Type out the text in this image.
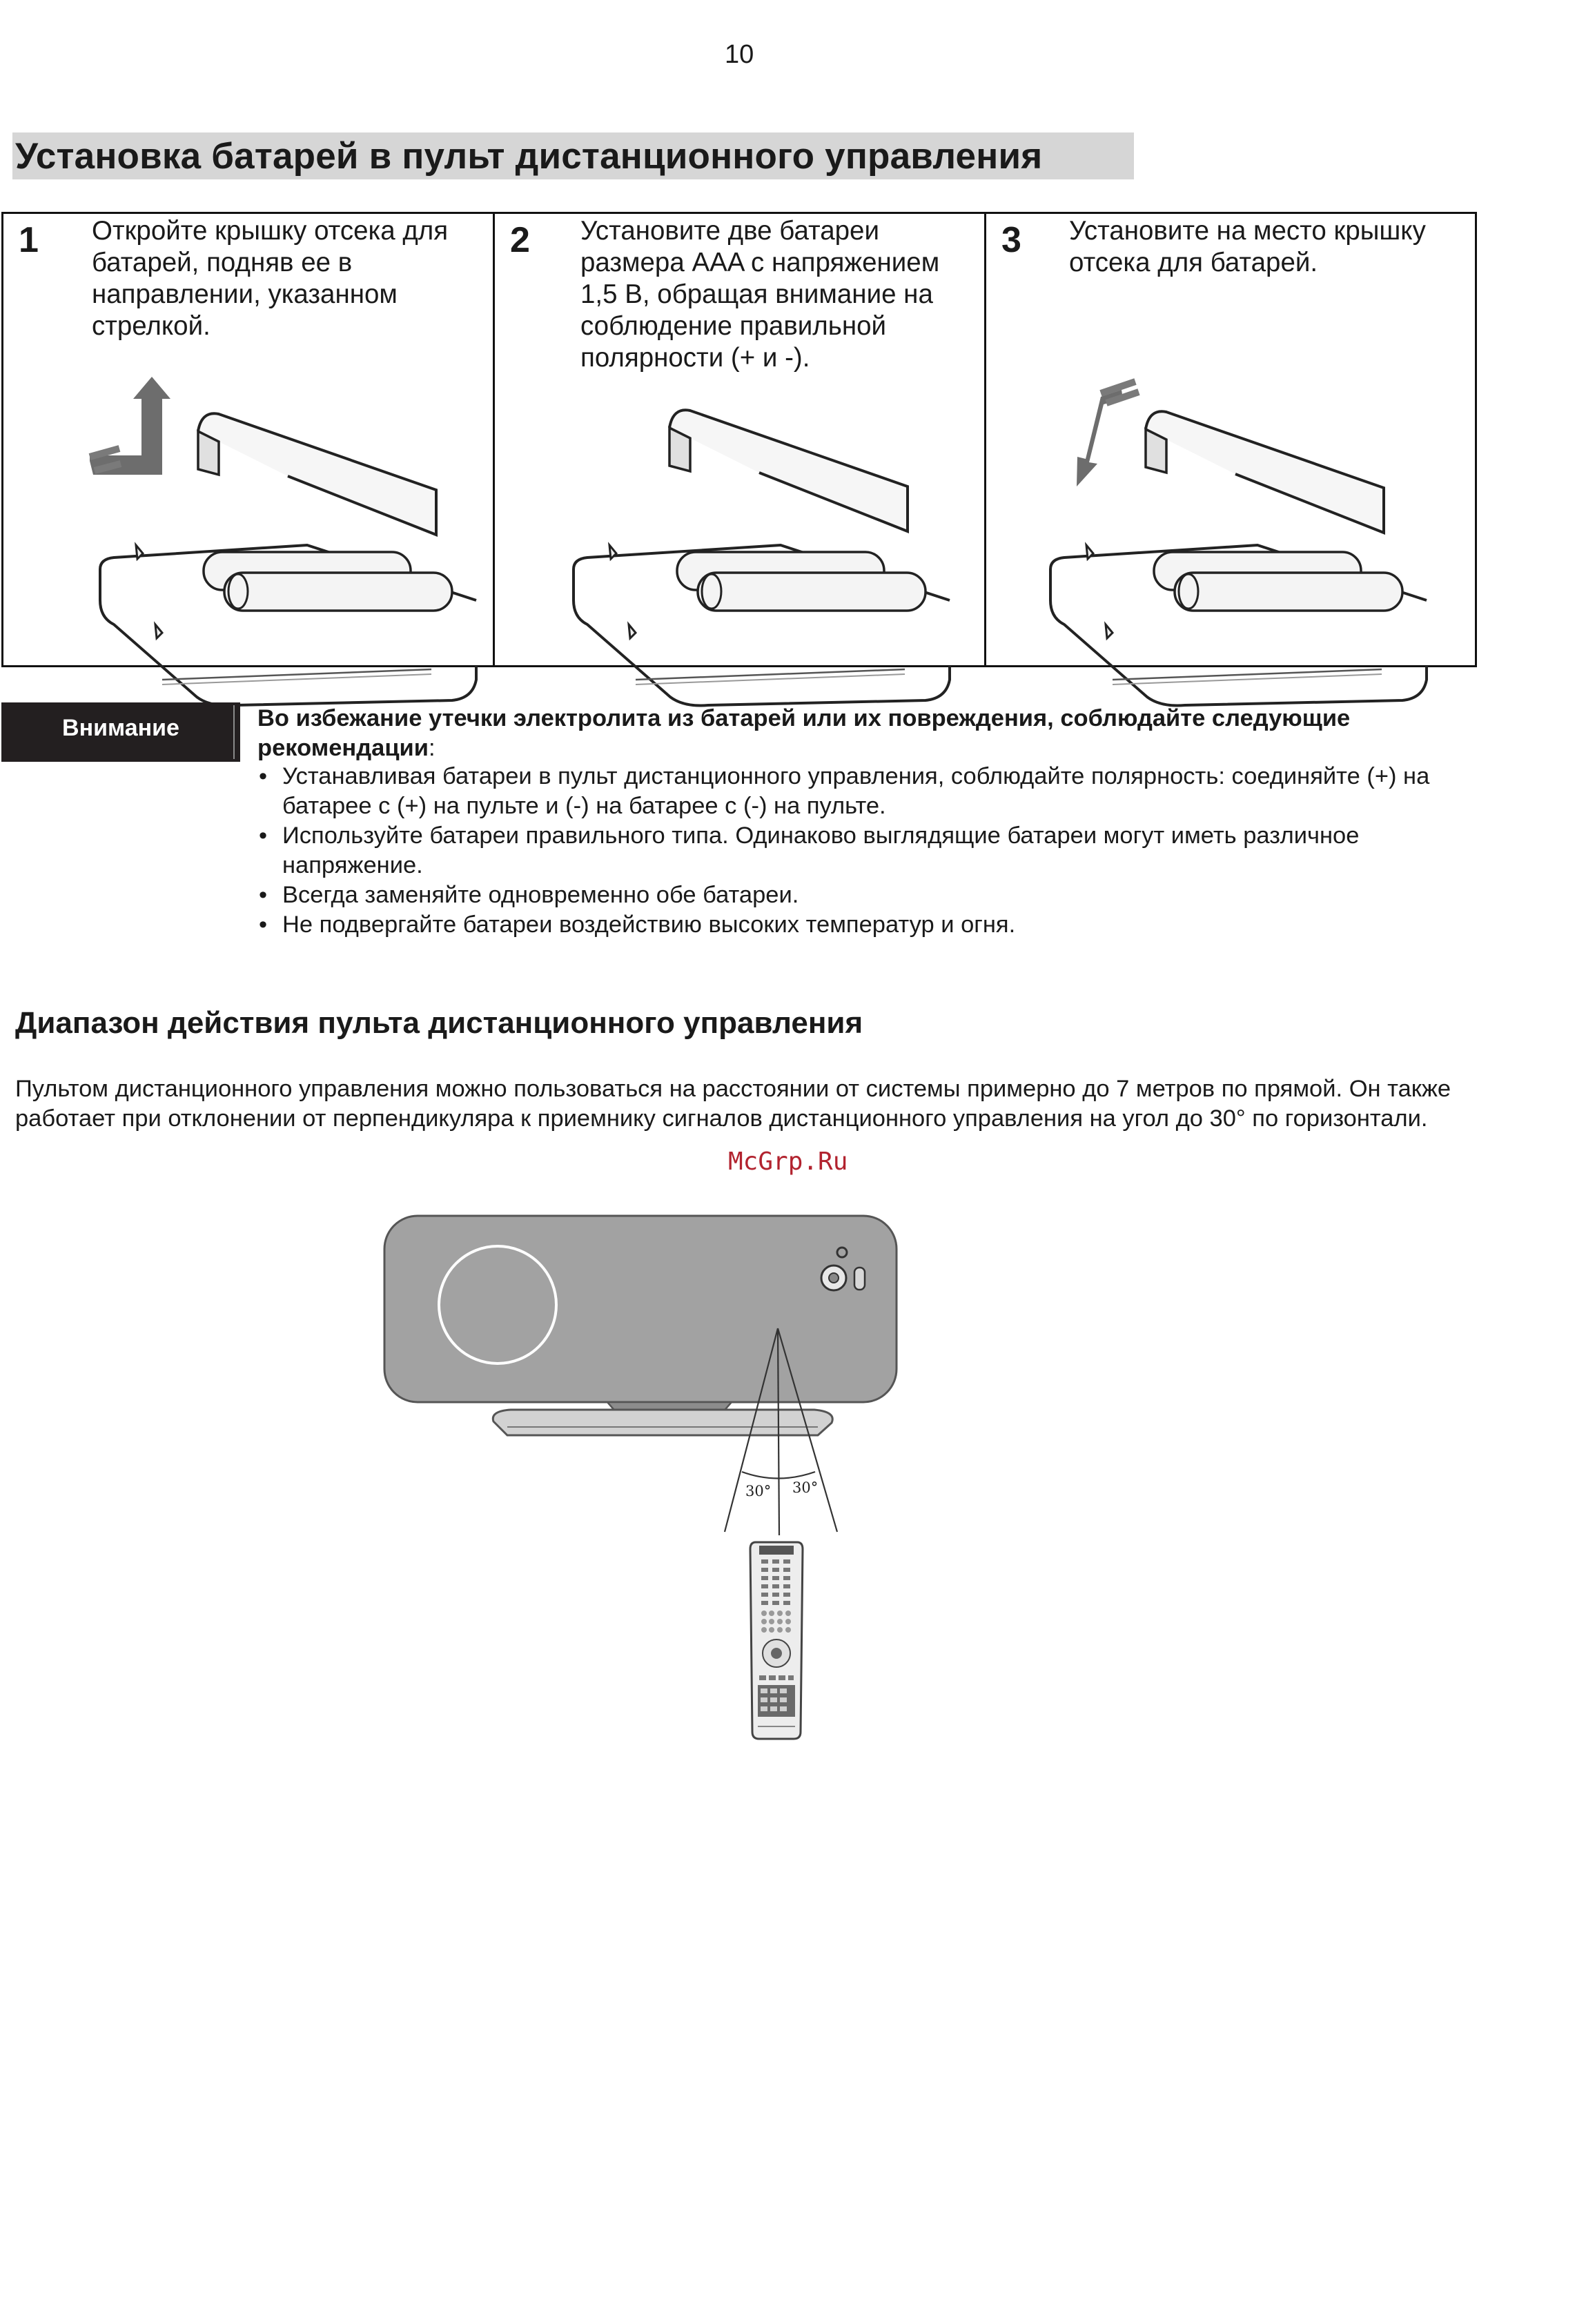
10
Установка батарей в пульт дистанционного управления
1 Откройте крышку отсека для батарей, подняв ее в направлении, указанном стрелкой.
2 Установите две батареи размера AAA с напряжением 1,5 В, обращая внимание на соблюдение правильной полярности (+ и -).
3 Установите на место крышку отсека для батарей.
Внимание	Во избежание утечки электролита из батарей или их повреждения, соблюдайте следующие рекомендации:
• Устанавливая батареи в пульт дистанционного управления, соблюдайте полярность: соединяйте (+) на батарее с (+) на пульте и (-) на батарее с (-) на пульте.
• Используйте батареи правильного типа. Одинаково выглядящие батареи могут иметь различное напряжение.
• Всегда заменяйте одновременно обе батареи.
• Не подвергайте батареи воздействию высоких температур и огня.
Диапазон действия пульта дистанционного управления
Пультом дистанционного управления можно пользоваться на расстоянии от системы примерно до 7 метров по прямой. Он также работает при отклонении от перпендикуляра к приемнику сигналов дистанционного управления на угол до 30° по горизонтали.
McGrp.Ru
30° 30°
